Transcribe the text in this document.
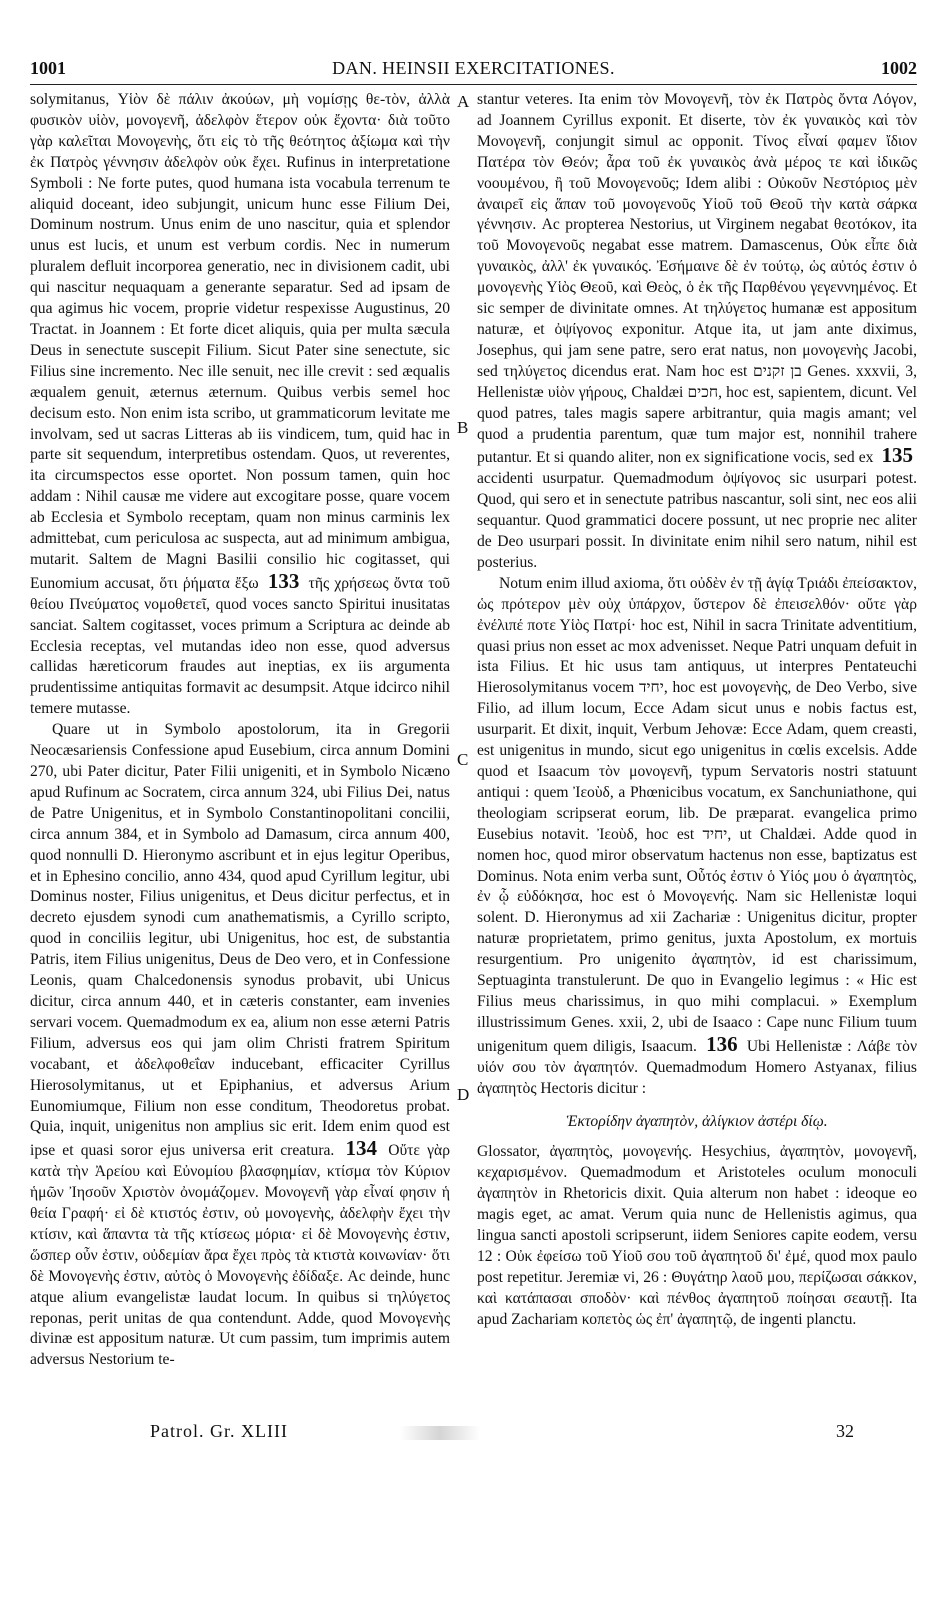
1001	DAN. HEINSII EXERCITATIONES.	1002

solymitanus, Υἱὸν δὲ πάλιν ἀκούων, μὴ νομίσῃς θε-τὸν, ἀλλὰ φυσικὸν υἱὸν, μονογενῆ, ἀδελφὸν ἕτερον οὐκ ἔχοντα· διὰ τοῦτο γὰρ καλεῖται Μονογενὴς, ὅτι εἰς τὸ τῆς θεότητος ἀξίωμα καὶ τὴν ἐκ Πατρὸς γέννησιν ἀδελφὸν οὐκ ἔχει. Rufinus in interpretatione Symboli : Ne forte putes, quod humana ista vocabula terrenum te aliquid doceant, ideo subjungit, unicum hunc esse Filium Dei, Dominum nostrum. Unus enim de uno nascitur, quia et splendor unus est lucis, et unum est verbum cordis. Nec in numerum pluralem defluit incorporea generatio, nec in divisionem cadit, ubi qui nascitur nequaquam a generante separatur. Sed ad ipsam de qua agimus hic vocem, proprie videtur respexisse Augustinus, 20 Tractat. in Joannem : Et forte dicet aliquis, quia per multa sæcula Deus in senectute suscepit Filium. Sicut Pater sine senectute, sic Filius sine incremento. Nec ille senuit, nec ille crevit : sed æqualis æqualem genuit, æternus æternum. Quibus verbis semel hoc decisum esto. Non enim ista scribo, ut grammaticorum levitate me involvam, sed ut sacras Litteras ab iis vindicem, tum, quid hac in parte sit sequendum, interpretibus ostendam. Quos, ut reverentes, ita circumspectos esse oportet. Non possum tamen, quin hoc addam : Nihil causæ me videre aut excogitare posse, quare vocem ab Ecclesia et Symbolo receptam, quam non minus carminis lex admittebat, cum periculosa ac suspecta, aut ad minimum ambigua, mutarit. Saltem de Magni Basilii consilio hic cogitasset, qui Eunomium accusat, ὅτι ῥήματα ἔξω 133 τῆς χρήσεως ὄντα τοῦ θείου Πνεύματος νομοθετεῖ, quod voces sancto Spiritui inusitatas sanciat. Saltem cogitasset, voces primum a Scriptura ac deinde ab Ecclesia receptas, vel mutandas ideo non esse, quod adversus callidas hæreticorum fraudes aut ineptias, ex iis argumenta prudentissime antiquitas formavit ac desumpsit. Atque idcirco nihil temere mutasse.

Quare ut in Symbolo apostolorum, ita in Gregorii Neocæsariensis Confessione apud Eusebium, circa annum Domini 270, ubi Pater dicitur, Pater Filii unigeniti, et in Symbolo Nicæno apud Rufinum ac Socratem, circa annum 324, ubi Filius Dei, natus de Patre Unigenitus, et in Symbolo Constantinopolitani concilii, circa annum 384, et in Symbolo ad Damasum, circa annum 400, quod nonnulli D. Hieronymo ascribunt et in ejus legitur Operibus, et in Ephesino concilio, anno 434, quod apud Cyrillum legitur, ubi Dominus noster, Filius unigenitus, et Deus dicitur perfectus, et in decreto ejusdem synodi cum anathematismis, a Cyrillo scripto, quod in conciliis legitur, ubi Unigenitus, hoc est, de substantia Patris, item Filius unigenitus, Deus de Deo vero, et in Confessione Leonis, quam Chalcedonensis synodus probavit, ubi Unicus dicitur, circa annum 440, et in cæteris constanter, eam invenies servari vocem. Quemadmodum ex ea, alium non esse æterni Patris Filium, adversus eos qui jam olim Christi fratrem Spiritum vocabant, et ἀδελφοθεΐαν inducebant, efficaciter Cyrillus Hierosolymitanus, ut et Epiphanius, et adversus Arium Eunomiumque, Filium non esse conditum, Theodoretus probat. Quia, inquit, unigenitus non amplius sic erit. Idem enim quod est ipse et quasi soror ejus universa erit creatura. 134 Οὔτε γὰρ κατὰ τὴν Ἀρείου καὶ Εὐνομίου βλασφημίαν, κτίσμα τὸν Κύριον ἡμῶν Ἰησοῦν Χριστὸν ὀνομάζομεν. Μονογενῆ γὰρ εἶναί φησιν ἡ θεία Γραφή· εἰ δὲ κτιστός ἐστιν, οὐ μονογενὴς, ἀδελφὴν ἔχει τὴν κτίσιν, καὶ ἅπαντα τὰ τῆς κτίσεως μόρια· εἰ δὲ Μονογενὴς ἐστιν, ὥσπερ οὖν ἐστιν, οὐδεμίαν ἄρα ἔχει πρὸς τὰ κτιστὰ κοινωνίαν· ὅτι δὲ Μονογενὴς ἐστιν, αὐτὸς ὁ Μονογενὴς ἐδίδαξε. Ac deinde, hunc atque alium evangelistæ laudat locum. In quibus si τηλύγετος reponas, perit unitas de qua contendunt. Adde, quod Μονογενὴς divinæ est appositum naturæ. Ut cum passim, tum imprimis autem adversus Nestorium te-

A
B
C
D

stantur veteres. Ita enim τὸν Μονογενῆ, τὸν ἐκ Πατρὸς ὄντα Λόγον, ad Joannem Cyrillus exponit. Et diserte, τὸν ἐκ γυναικὸς καὶ τὸν Μονογενῆ, conjungit simul ac opponit. Τίνος εἶναί φαμεν ἴδιον Πατέρα τὸν Θεόν; ἆρα τοῦ ἐκ γυναικὸς ἀνὰ μέρος τε καὶ ἰδικῶς νοουμένου, ἢ τοῦ Μονογενοῦς; Idem alibi : Οὐκοῦν Νεστόριος μὲν ἀναιρεῖ εἰς ἅπαν τοῦ μονογενοῦς Υἱοῦ τοῦ Θεοῦ τὴν κατὰ σάρκα γέννησιν. Ac propterea Nestorius, ut Virginem negabat θεοτόκον, ita τοῦ Μονογενοῦς negabat esse matrem. Damascenus, Οὐκ εἶπε διὰ γυναικὸς, ἀλλ' ἐκ γυναικός. Ἐσήμαινε δὲ ἐν τούτῳ, ὡς αὐτός ἐστιν ὁ μονογενὴς Υἱὸς Θεοῦ, καὶ Θεὸς, ὁ ἐκ τῆς Παρθένου γεγεννημένος. Et sic semper de divinitate omnes. At τηλύγετος humanæ est appositum naturæ, et ὀψίγονος exponitur. Atque ita, ut jam ante diximus, Josephus, qui jam sene patre, sero erat natus, non μονογενὴς Jacobi, sed τηλύγετος dicendus erat. Nam hoc est בן זקנים Genes. xxxvii, 3, Hellenistæ υἱὸν γήρους, Chaldæi חכים, hoc est, sapientem, dicunt. Vel quod patres, tales magis sapere arbitrantur, quia magis amant; vel quod a prudentia parentum, quæ tum major est, nonnihil trahere putantur. Et si quando aliter, non ex significatione vocis, sed ex 135 accidenti usurpatur. Quemadmodum ὀψίγονος sic usurpari potest. Quod, qui sero et in senectute patribus nascantur, soli sint, nec eos alii sequantur. Quod grammatici docere possunt, ut nec proprie nec aliter de Deo usurpari possit. In divinitate enim nihil sero natum, nihil est posterius.

Notum enim illud axioma, ὅτι οὐδὲν ἐν τῇ ἁγίᾳ Τριάδι ἐπείσακτον, ὡς πρότερον μὲν οὐχ ὑπάρχον, ὕστερον δὲ ἐπεισελθόν· οὔτε γὰρ ἐνέλιπέ ποτε Υἱὸς Πατρί· hoc est, Nihil in sacra Trinitate adventitium, quasi prius non esset ac mox advenisset. Neque Patri unquam defuit in ista Filius. Et hic usus tam antiquus, ut interpres Pentateuchi Hierosolymitanus vocem יחיד, hoc est μονογενὴς, de Deo Verbo, sive Filio, ad illum locum, Ecce Adam sicut unus e nobis factus est, usurparit. Et dixit, inquit, Verbum Jehovæ: Ecce Adam, quem creasti, est unigenitus in mundo, sicut ego unigenitus in cœlis excelsis. Adde quod et Isaacum τὸν μονογενῆ, typum Servatoris nostri statuunt antiqui : quem Ἰεοὺδ, a Phœnicibus vocatum, ex Sanchuniathone, qui theologiam scripserat eorum, lib. De præparat. evangelica primo Eusebius notavit. Ἰεοὺδ, hoc est יחיד, ut Chaldæi. Adde quod in nomen hoc, quod miror observatum hactenus non esse, baptizatus est Dominus. Nota enim verba sunt, Οὗτός ἐστιν ὁ Υἱός μου ὁ ἀγαπητὸς, ἐν ᾧ εὐδόκησα, hoc est ὁ Μονογενής. Nam sic Hellenistæ loqui solent. D. Hieronymus ad xii Zachariæ : Unigenitus dicitur, propter naturæ proprietatem, primo genitus, juxta Apostolum, ex mortuis resurgentium. Pro unigenito ἀγαπητὸν, id est charissimum, Septuaginta transtulerunt. De quo in Evangelio legimus : « Hic est Filius meus charissimus, in quo mihi complacui. » Exemplum illustrissimum Genes. xxii, 2, ubi de Isaaco : Cape nunc Filium tuum unigenitum quem diligis, Isaacum. 136 Ubi Hellenistæ : Λάβε τὸν υἱόν σου τὸν ἀγαπητόν. Quemadmodum Homero Astyanax, filius ἀγαπητὸς Hectoris dicitur :

Ἑκτορίδην ἀγαπητὸν, ἀλίγκιον ἀστέρι δίῳ.

Glossator, ἀγαπητὸς, μονογενής. Hesychius, ἀγαπητὸν, μονογενῆ, κεχαρισμένον. Quemadmodum et Aristoteles oculum monoculi ἀγαπητὸν in Rhetoricis dixit. Quia alterum non habet : ideoque eo magis eget, ac amat. Verum quia nunc de Hellenistis agimus, qua lingua sancti apostoli scripserunt, iidem Seniores capite eodem, versu 12 : Οὐκ ἐφείσω τοῦ Υἱοῦ σου τοῦ ἀγαπητοῦ δι' ἐμέ, quod mox paulo post repetitur. Jeremiæ vi, 26 : Θυγάτηρ λαοῦ μου, περίζωσαι σάκκον, καὶ κατάπασαι σποδὸν· καὶ πένθος ἀγαπητοῦ ποίησαι σεαυτῇ. Ita apud Zachariam κοπετὸς ὡς ἐπ' ἀγαπητῷ, de ingenti planctu.

Patrol. Gr. XLIII	32
